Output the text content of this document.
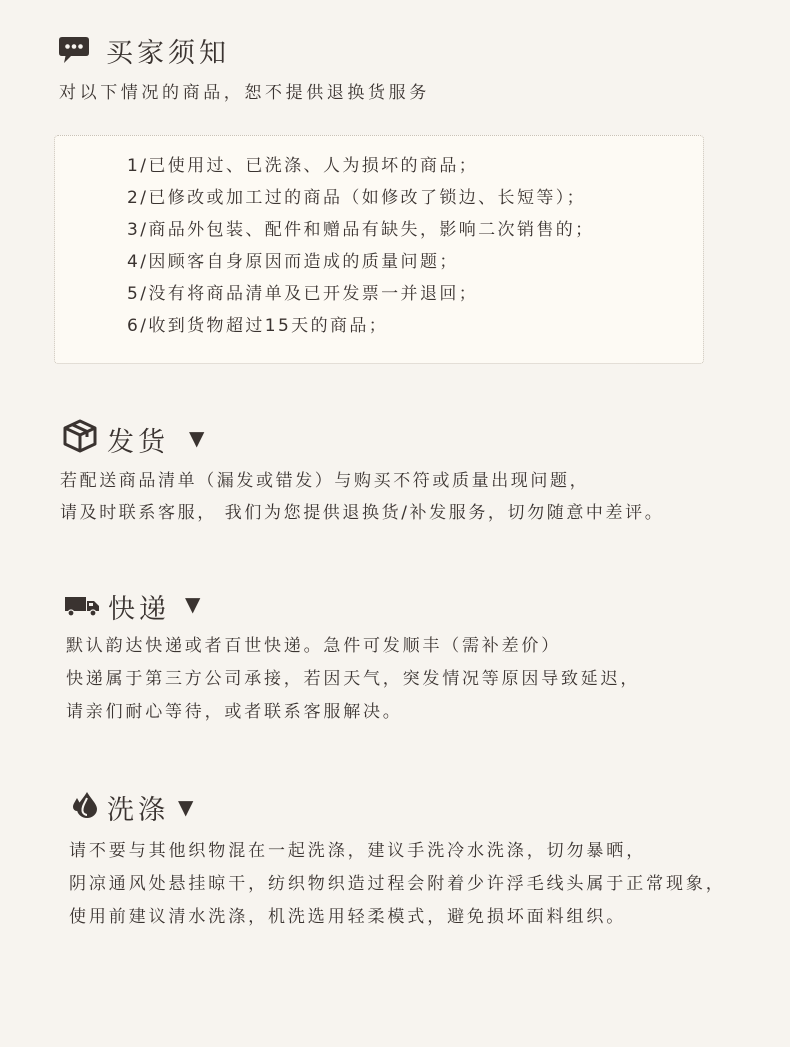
买家须知
对以下情况的商品，恕不提供退换货服务
1/已使用过、已洗涤、人为损坏的商品；
2/已修改或加工过的商品（如修改了锁边、长短等）；
3/商品外包装、配件和赠品有缺失，影响二次销售的；
4/因顾客自身原因而造成的质量问题；
5/没有将商品清单及已开发票一并退回；
6/收到货物超过15天的商品；
发货 ▼
若配送商品清单（漏发或错发）与购买不符或质量出现问题，
请及时联系客服， 我们为您提供退换货/补发服务，切勿随意中差评。
快递 ▼
默认韵达快递或者百世快递。急件可发顺丰（需补差价）
快递属于第三方公司承接，若因天气，突发情况等原因导致延迟，
请亲们耐心等待，或者联系客服解决。
洗涤 ▼
请不要与其他织物混在一起洗涤，建议手洗冷水洗涤，切勿暴晒，
阴凉通风处悬挂晾干，纺织物织造过程会附着少许浮毛线头属于正常现象，
使用前建议清水洗涤，机洗选用轻柔模式，避免损坏面料组织。
